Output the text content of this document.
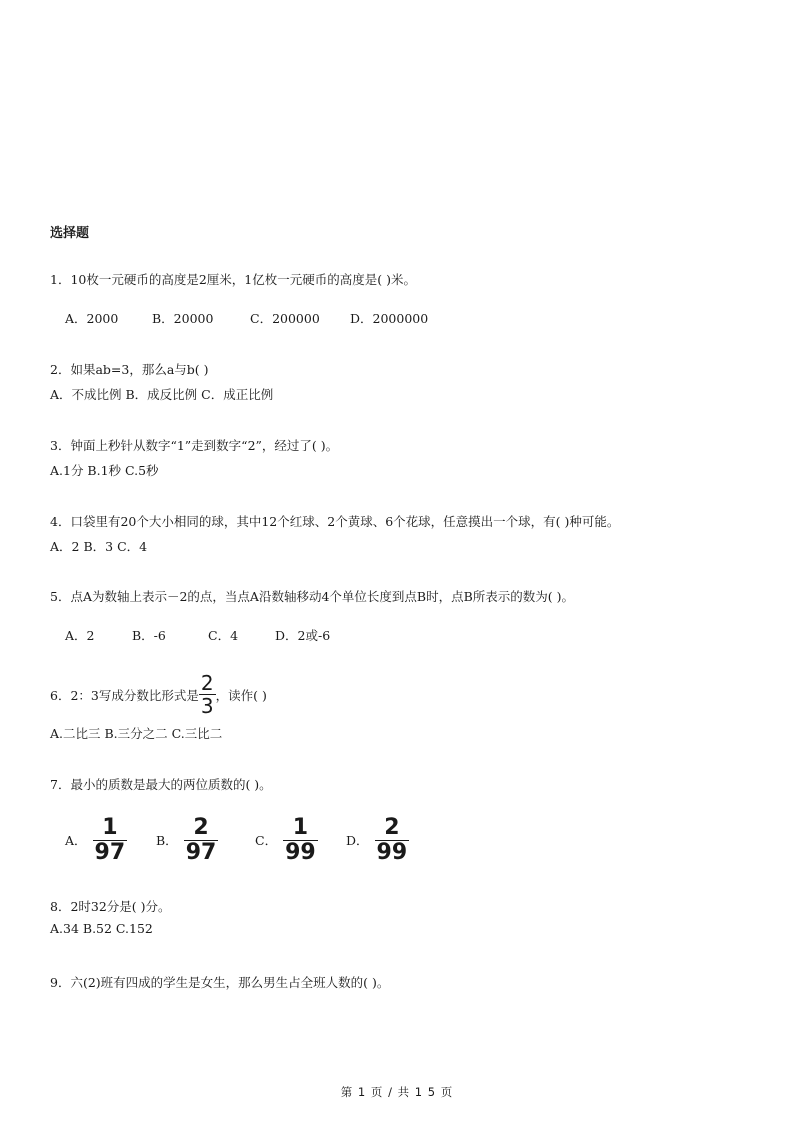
选择题
1．10枚一元硬币的高度是2厘米，1亿枚一元硬币的高度是( )米。
A．2000	B．20000	C．200000 D．2000000
2．如果ab=3，那么a与b( )
A．不成比例 B．成反比例 C．成正比例
3．钟面上秒针从数字“1”走到数字“2”，经过了( )。
A.1分 B.1秒 C.5秒
4．口袋里有20个大小相同的球，其中12个红球、2个黄球、6个花球，任意摸出一个球，有( )种可能。
A．2 B．3 C．4
5．点A为数轴上表示－2的点，当点A沿数轴移动4个单位长度到点B时，点B所表示的数为( )。
A．2	B．-6	C．4	D．2或-6
6．2：3写成分数比形式是 $\frac{2}{3}$ ，读作( )
A.二比三 B.三分之二 C.三比二
7．最小的质数是最大的两位质数的( )。
A． $\frac{1}{97}$ B． $\frac{2}{97}$	C． $\frac{1}{99}$ D． $\frac{2}{99}$
8．2时32分是( )分。
A.34 B.52 C.152
9．六(2)班有四成的学生是女生，那么男生占全班人数的( )。
第 1 页 / 共 1 5 页
